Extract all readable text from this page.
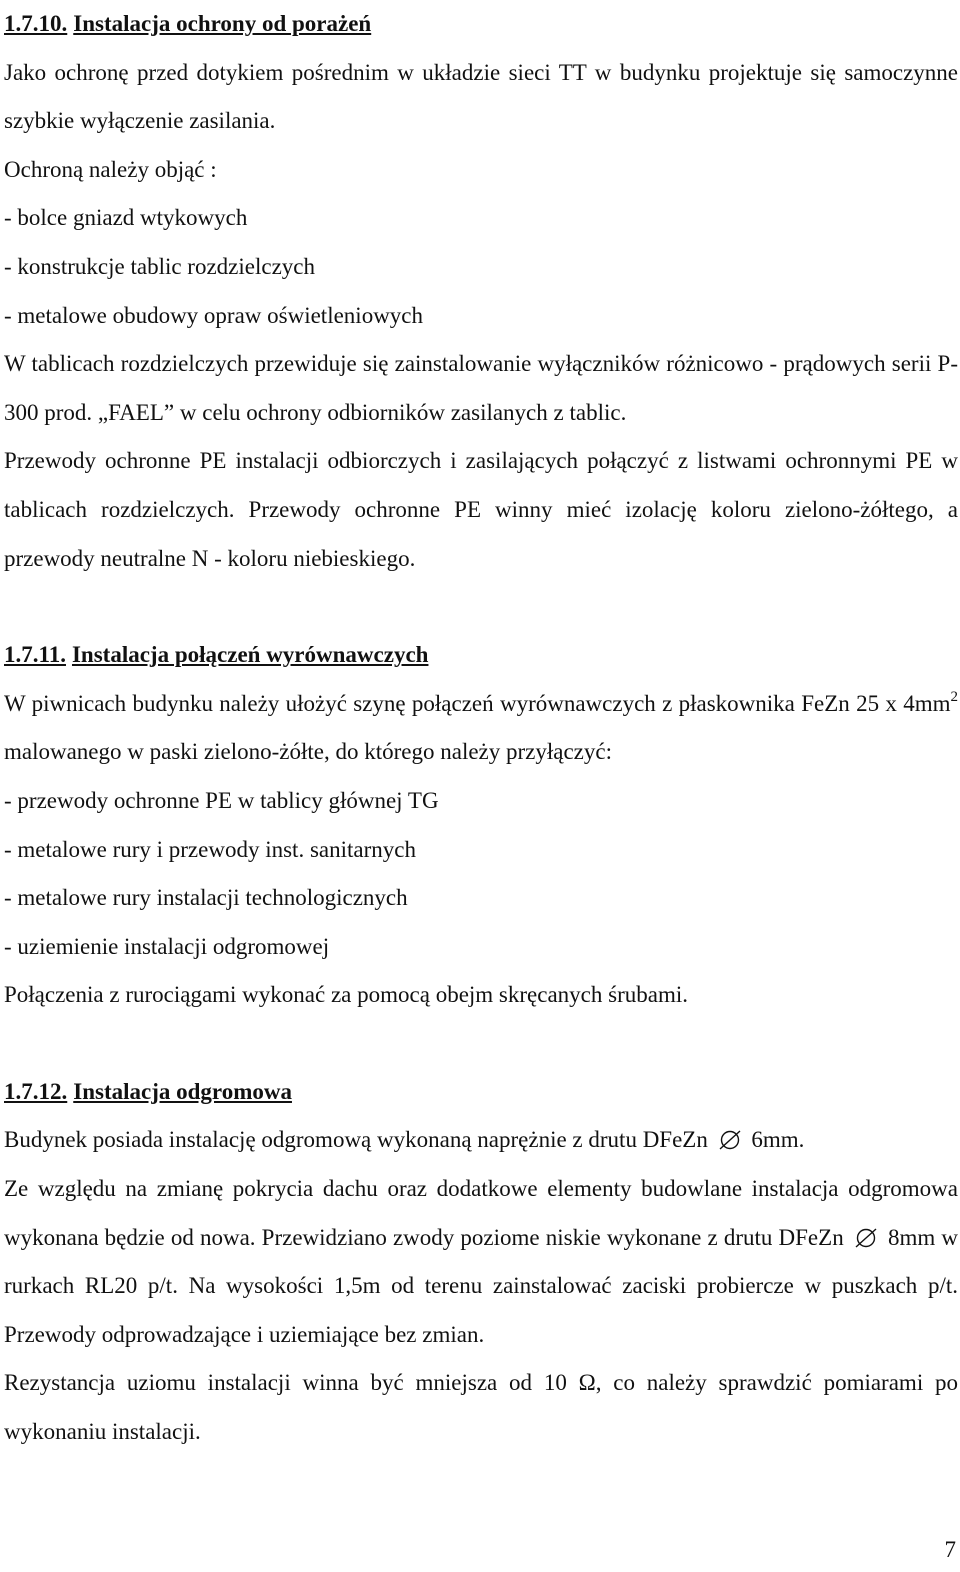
1.7.10. Instalacja ochrony od porażeń

Jako ochronę przed dotykiem pośrednim w układzie sieci TT w budynku projektuje się samoczynne szybkie wyłączenie zasilania.

Ochroną należy objąć :

- bolce gniazd wtykowych

- konstrukcje tablic rozdzielczych

- metalowe obudowy opraw oświetleniowych

W tablicach rozdzielczych przewiduje się zainstalowanie wyłączników różnicowo - prądowych serii P-300 prod. „FAEL” w celu ochrony odbiorników zasilanych z tablic.

Przewody ochronne PE instalacji odbiorczych i zasilających połączyć z listwami ochronnymi PE w tablicach rozdzielczych. Przewody ochronne PE winny mieć izolację koloru zielono-żółtego, a przewody neutralne N - koloru niebieskiego.

1.7.11. Instalacja połączeń wyrównawczych

W piwnicach budynku należy ułożyć szynę połączeń wyrównawczych z płaskownika FeZn 25 x $4mm^2$ malowanego w paski zielono-żółte, do którego należy przyłączyć:

- przewody ochronne PE w tablicy głównej TG

- metalowe rury i przewody inst. sanitarnych

- metalowe rury instalacji technologicznych

- uziemienie instalacji odgromowej

Połączenia z rurociągami wykonać za pomocą obejm skręcanych śrubami.

1.7.12. Instalacja odgromowa

Budynek posiada instalację odgromową wykonaną naprężnie z drutu DFeZn  6mm.

Ze względu na zmianę pokrycia dachu oraz dodatkowe elementy budowlane instalacja odgromowa wykonana będzie od nowa. Przewidziano zwody poziome niskie wykonane z drutu DFeZn  8mm w rurkach RL20 p/t. Na wysokości 1,5m od terenu zainstalować zaciski probiercze w puszkach p/t. Przewody odprowadzające i uziemiające bez zmian.

Rezystancja uziomu instalacji winna być mniejsza od 10 Ω, co należy sprawdzić pomiarami po wykonaniu instalacji.

7
